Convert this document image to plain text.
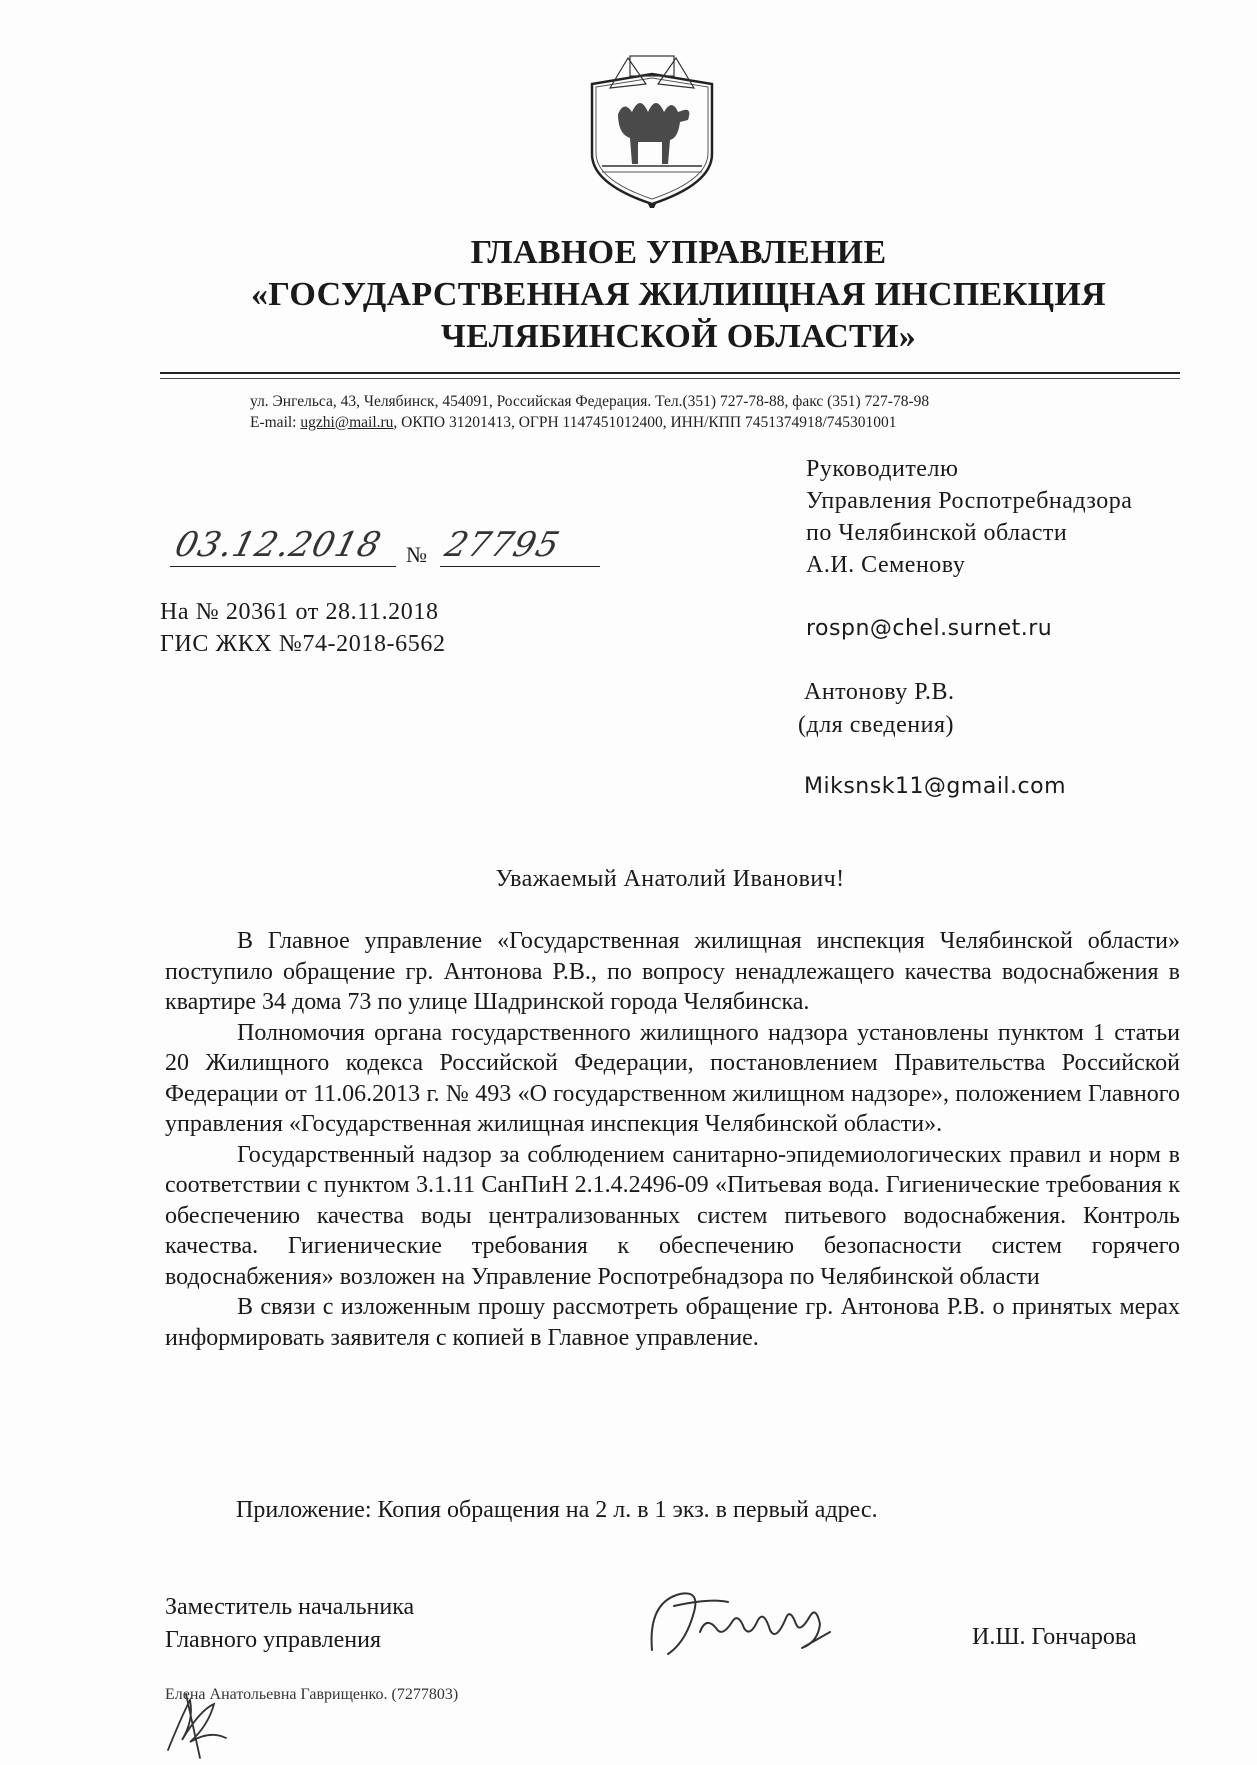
ГЛАВНОЕ УПРАВЛЕНИЕ
«ГОСУДАРСТВЕННАЯ ЖИЛИЩНАЯ ИНСПЕКЦИЯ
ЧЕЛЯБИНСКОЙ ОБЛАСТИ»
ул. Энгельса, 43, Челябинск, 454091, Российская Федерация. Тел.(351) 727-78-88, факс (351) 727-78-98
E-mail: ugzhi@mail.ru, ОКПО 31201413, ОГРН 1147451012400, ИНН/КПП 7451374918/745301001
03.12.2018 № 27795
На № 20361 от 28.11.2018
ГИС ЖКХ №74-2018-6562
Руководителю
Управления Роспотребнадзора
по Челябинской области
А.И. Семенову
rospn@chel.surnet.ru
Антонову Р.В.
(для сведения)
Miksnsk11@gmail.com
Уважаемый Анатолий Иванович!

В Главное управление «Государственная жилищная инспекция Челябинской области» поступило обращение гр. Антонова Р.В., по вопросу ненадлежащего качества водоснабжения в квартире 34 дома 73 по улице Шадринской города Челябинска.

Полномочия органа государственного жилищного надзора установлены пунктом 1 статьи 20 Жилищного кодекса Российской Федерации, постановлением Правительства Российской Федерации от 11.06.2013 г. № 493 «О государственном жилищном надзоре», положением Главного управления «Государственная жилищная инспекция Челябинской области».

Государственный надзор за соблюдением санитарно-эпидемиологических правил и норм в соответствии с пунктом 3.1.11 СанПиН 2.1.4.2496-09 «Питьевая вода. Гигиенические требования к обеспечению качества воды централизованных систем питьевого водоснабжения. Контроль качества. Гигиенические требования к обеспечению безопасности систем горячего водоснабжения» возложен на Управление Роспотребнадзора по Челябинской области

В связи с изложенным прошу рассмотреть обращение гр. Антонова Р.В. о принятых мерах информировать заявителя с копией в Главное управление.

Приложение: Копия обращения на 2 л. в 1 экз. в первый адрес.
Заместитель начальника
Главного управления	И.Ш. Гончарова
Елена Анатольевна Гаврищенко. (7277803)
